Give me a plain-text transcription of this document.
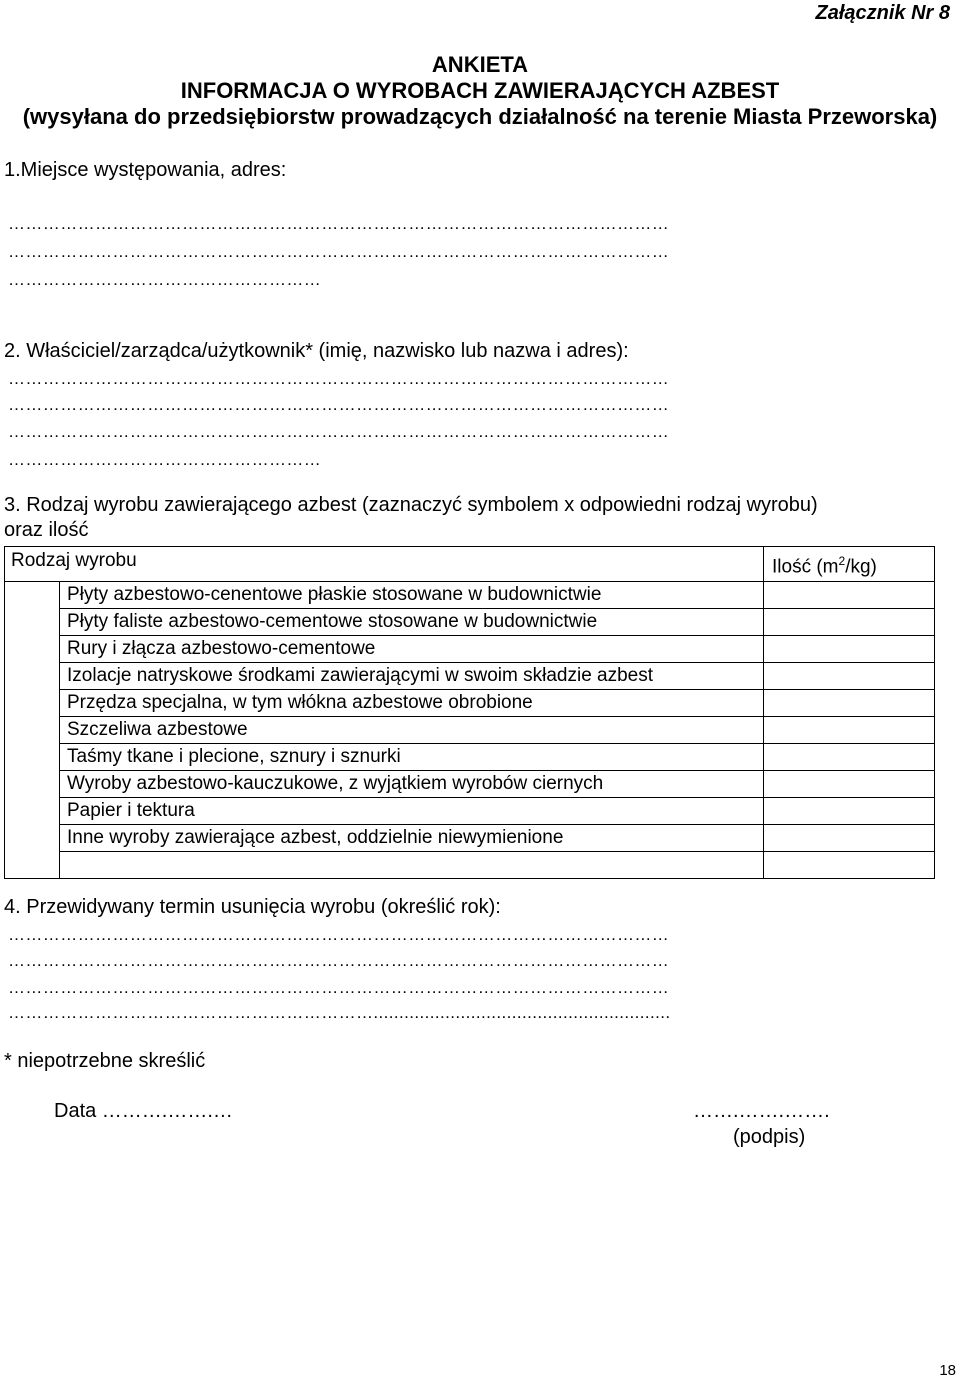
Załącznik Nr 8
ANKIETA
INFORMACJA O WYROBACH ZAWIERAJĄCYCH AZBEST
(wysyłana do przedsiębiorstw prowadzących działalność na terenie Miasta Przeworska)
1.Miejsce występowania, adres:
……………………………………………………………………………………………………
……………………………………………………………………………………………………
………………………………………………
2. Właściciel/zarządca/użytkownik* (imię, nazwisko lub nazwa i adres):
……………………………………………………………………………………………………
……………………………………………………………………………………………………
……………………………………………………………………………………………………
………………………………………………
3. Rodzaj wyrobu zawierającego azbest (zaznaczyć symbolem x odpowiedni rodzaj wyrobu)
oraz ilość
Rodzaj wyrobu		Ilość $(m^2/kg)$
	Płyty azbestowo-cenentowe płaskie stosowane w budownictwie	
	Płyty faliste azbestowo-cementowe stosowane w budownictwie	
	Rury i złącza azbestowo-cementowe	
	Izolacje natryskowe środkami zawierającymi w swoim składzie azbest	
	Przędza specjalna, w tym włókna azbestowe obrobione	
	Szczeliwa azbestowe	
	Taśmy tkane i plecione, sznury i sznurki	
	Wyroby azbestowo-kauczukowe, z wyjątkiem wyrobów ciernych	
	Papier i tektura	
	Inne wyroby zawierające azbest, oddzielnie niewymienione	

4. Przewidywany termin usunięcia wyrobu (określić rok):
……………………………………………………………………………………………………
……………………………………………………………………………………………………
……………………………………………………………………………………………………
………………………………………………………..........................................................
* niepotrzebne skreślić
Data ……….…….…	…….…….…….
(podpis)
18
